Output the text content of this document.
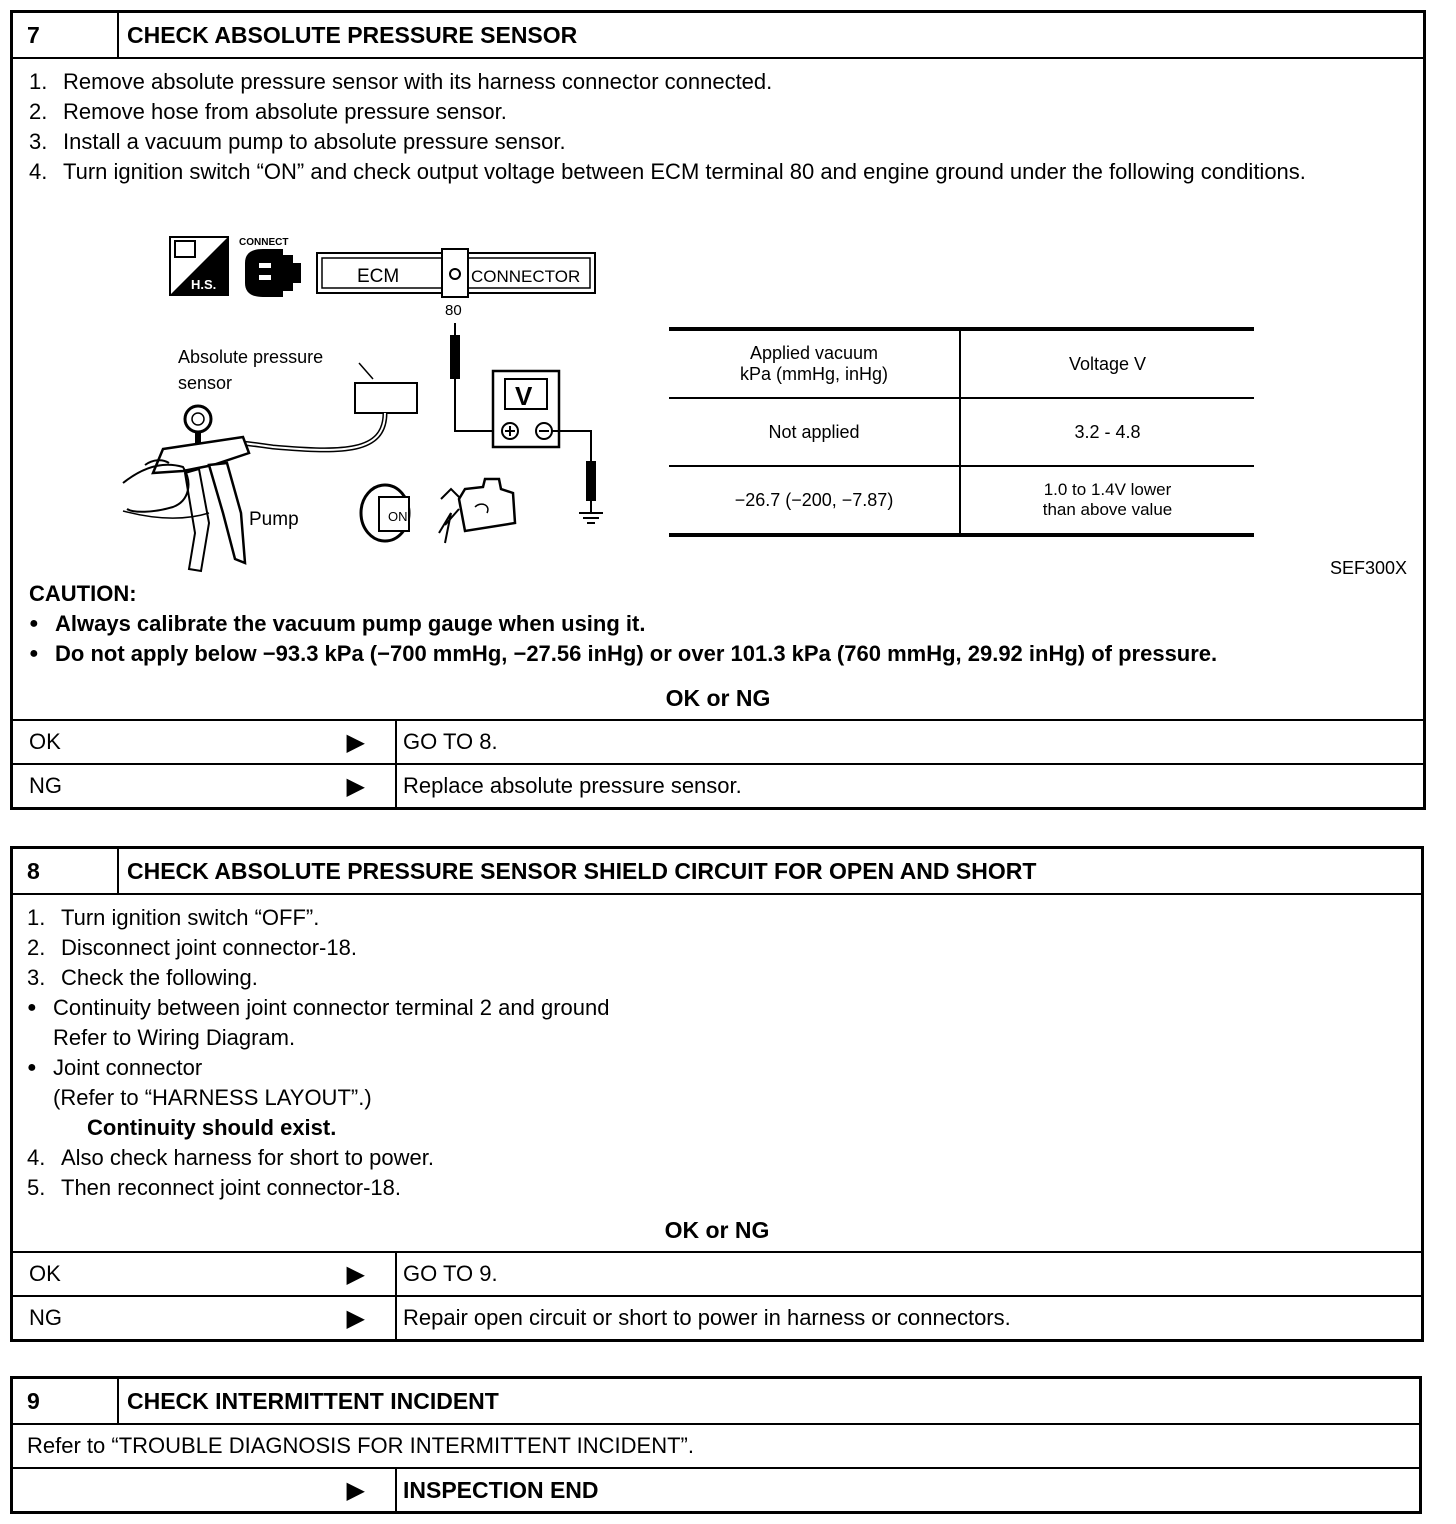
7	CHECK ABSOLUTE PRESSURE SENSOR
1. Remove absolute pressure sensor with its harness connector connected.
2. Remove hose from absolute pressure sensor.
3. Install a vacuum pump to absolute pressure sensor.
4. Turn ignition switch “ON” and check output voltage between ECM terminal 80 and engine ground under the following conditions.
H.S.
CONNECT
ECM	CONNECTOR
80
V
Absolute pressure
sensor
Pump	ON
Applied vacuum
kPa (mmHg, inHg)	Voltage V
Not applied	3.2 - 4.8

−26.7 (−200, −7.87)	1.0 to 1.4V lower
than above value
SEF300X
CAUTION:
● Always calibrate the vacuum pump gauge when using it.
● Do not apply below −93.3 kPa (−700 mmHg, −27.56 inHg) or over 101.3 kPa (760 mmHg, 29.92 inHg) of pressure.
OK or NG
OK	▶ GO TO 8.
NG	▶ Replace absolute pressure sensor.
8	CHECK ABSOLUTE PRESSURE SENSOR SHIELD CIRCUIT FOR OPEN AND SHORT
1. Turn ignition switch “OFF”.
2. Disconnect joint connector-18.
3. Check the following.
● Continuity between joint connector terminal 2 and ground
Refer to Wiring Diagram.
● Joint connector
(Refer to “HARNESS LAYOUT”.)
Continuity should exist.
4. Also check harness for short to power.
5. Then reconnect joint connector-18.
OK or NG
OK	▶ GO TO 9.
NG	▶ Repair open circuit or short to power in harness or connectors.
9	CHECK INTERMITTENT INCIDENT
Refer to “TROUBLE DIAGNOSIS FOR INTERMITTENT INCIDENT”.
▶ INSPECTION END
